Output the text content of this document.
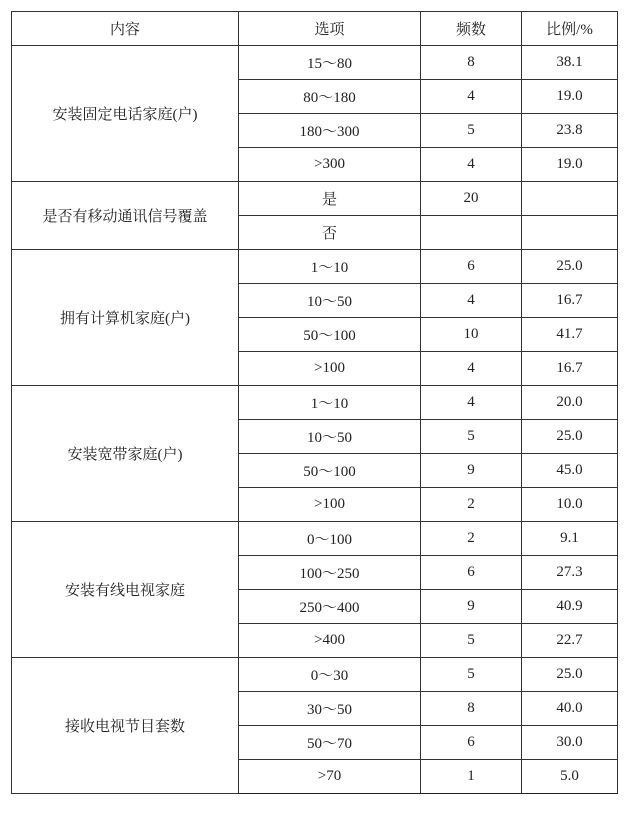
内容	选项	频数	比例/%
安装固定电话家庭(户)	15～80	8	38.1
	80～180	4	19.0
	180～300	5	23.8
	>300	4	19.0
是否有移动通讯信号覆盖	是	20	
	否		
拥有计算机家庭(户)	1～10	6	25.0
	10～50	4	16.7
	50～100	10	41.7
	>100	4	16.7
安装宽带家庭(户)	1～10	4	20.0
	10～50	5	25.0
	50～100	9	45.0
	>100	2	10.0
安装有线电视家庭	0～100	2	9.1
	100～250	6	27.3
	250～400	9	40.9
	>400	5	22.7
接收电视节目套数	0～30	5	25.0
	30～50	8	40.0
	50～70	6	30.0
	>70	1	5.0
